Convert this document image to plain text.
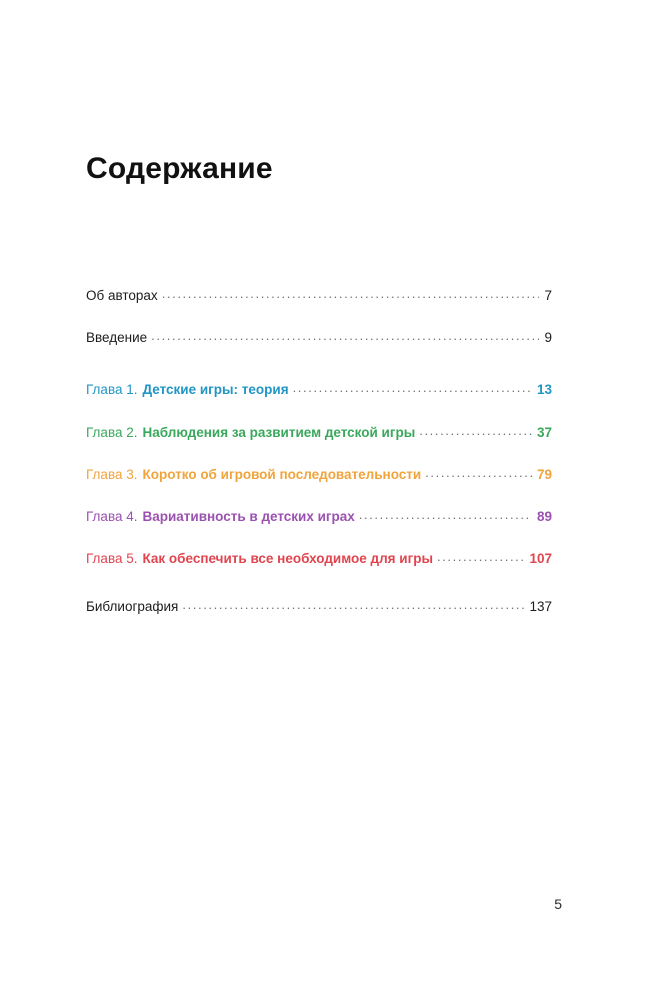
Содержание
Об авторах .....	7
Введение .....	9
Глава 1. Детские игры: теория .....	13
Глава 2. Наблюдения за развитием детской игры .....	37
Глава 3. Коротко об игровой последовательности .....	79
Глава 4. Вариативность в детских играх .....	89
Глава 5. Как обеспечить все необходимое для игры .....	107
Библиография .....	137
5
